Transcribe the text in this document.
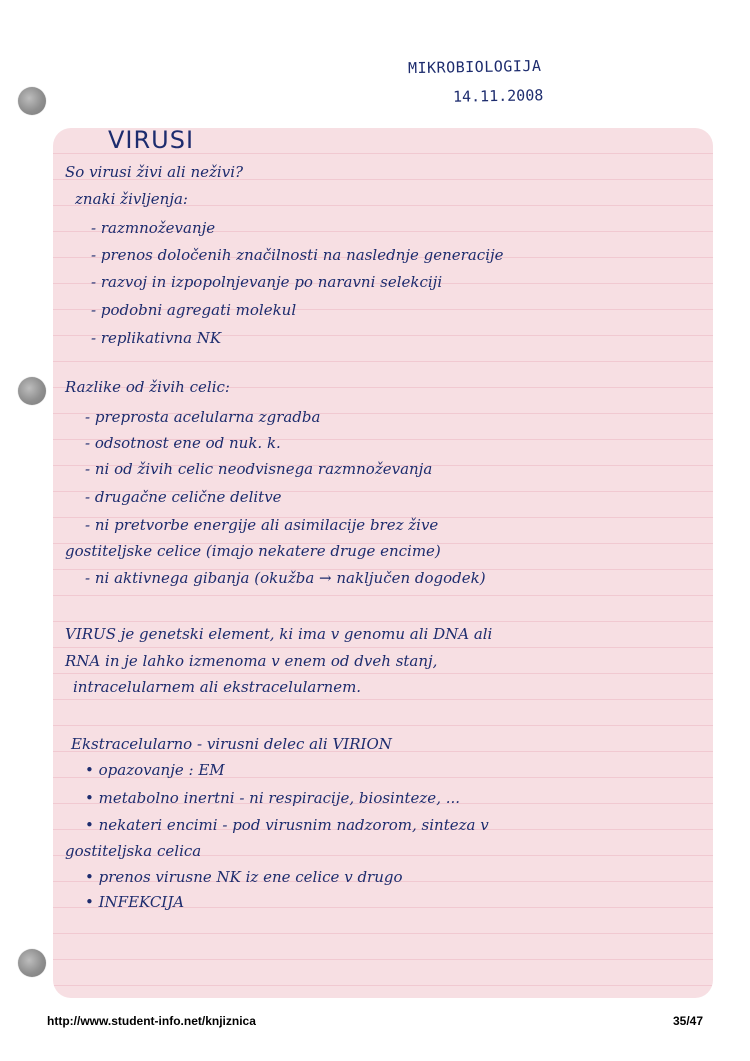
MIKROBIOLOGIJA
14.11.2008
VIRUSI
So virusi živi ali neživi?
znaki življenja:
- razmnoževanje
- prenos določenih značilnosti na naslednje generacije
- razvoj in izpopolnjevanje po naravni selekciji
- podobni agregati molekul
- replikativna NK
Razlike od živih celic:
- preprosta acelularna zgradba
- odsotnost ene od nuk. k.
- ni od živih celic neodvisnega razmnoževanja
- drugačne celične delitve
- ni pretvorbe energije ali asimilacije brez žive
gostiteljske celice (imajo nekatere druge encime)
- ni aktivnega gibanja (okužba → naključen dogodek)
VIRUS je genetski element, ki ima v genomu ali DNA ali
RNA in je lahko izmenoma v enem od dveh stanj,
intracelularnem ali ekstracelularnem.
Ekstracelularno - virusni delec ali VIRION
• opazovanje : EM
• metabolno inertni - ni respiracije, biosinteze, ...
• nekateri encimi - pod virusnim nadzorom, sinteza v
gostiteljska celica
• prenos virusne NK iz ene celice v drugo
• INFEKCIJA
http://www.student-info.net/knjiznica	35/47
